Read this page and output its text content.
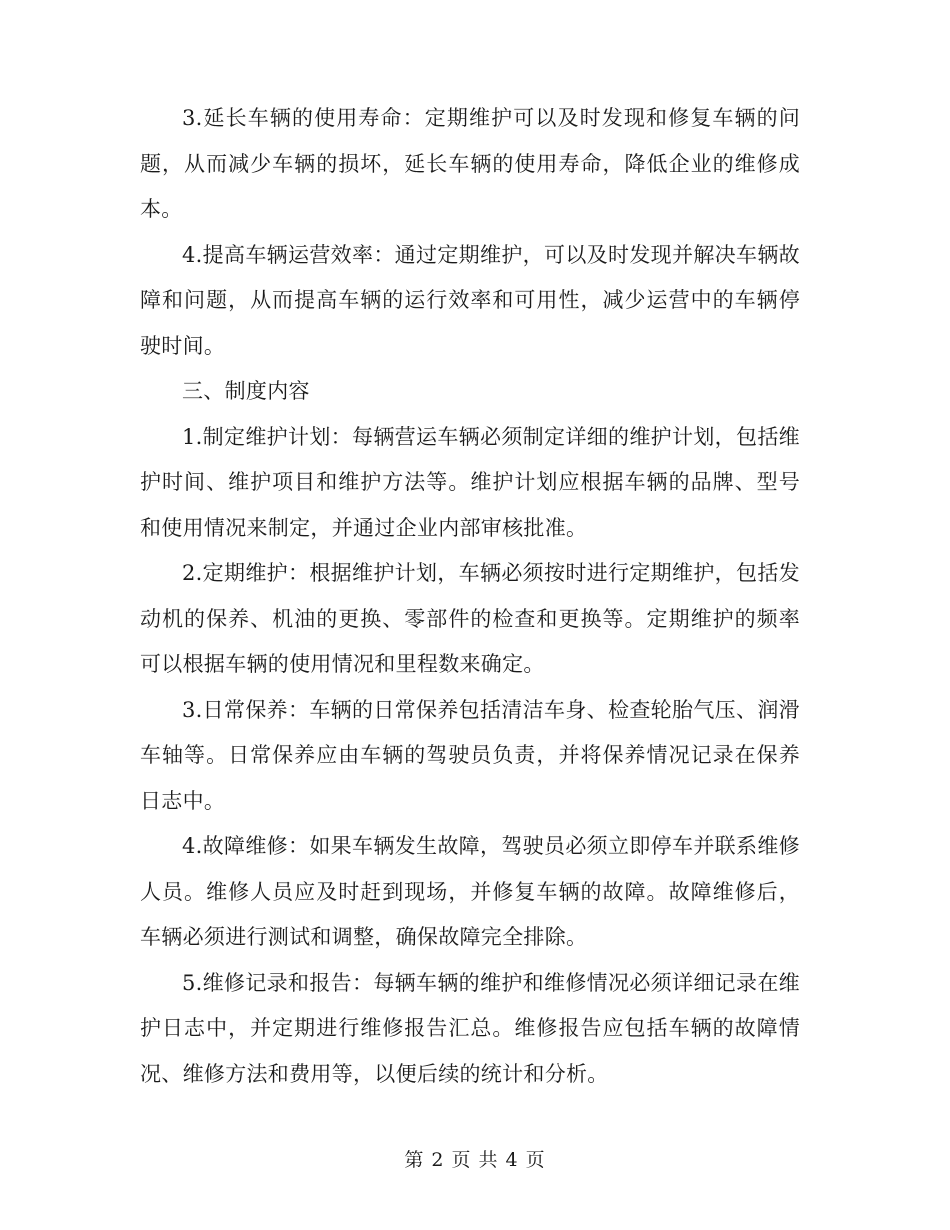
3.延长车辆的使用寿命：定期维护可以及时发现和修复车辆的问题，从而减少车辆的损坏，延长车辆的使用寿命，降低企业的维修成本。

4.提高车辆运营效率：通过定期维护，可以及时发现并解决车辆故障和问题，从而提高车辆的运行效率和可用性，减少运营中的车辆停驶时间。

三、制度内容

1.制定维护计划：每辆营运车辆必须制定详细的维护计划，包括维护时间、维护项目和维护方法等。维护计划应根据车辆的品牌、型号和使用情况来制定，并通过企业内部审核批准。

2.定期维护：根据维护计划，车辆必须按时进行定期维护，包括发动机的保养、机油的更换、零部件的检查和更换等。定期维护的频率可以根据车辆的使用情况和里程数来确定。

3.日常保养：车辆的日常保养包括清洁车身、检查轮胎气压、润滑车轴等。日常保养应由车辆的驾驶员负责，并将保养情况记录在保养日志中。

4.故障维修：如果车辆发生故障，驾驶员必须立即停车并联系维修人员。维修人员应及时赶到现场，并修复车辆的故障。故障维修后，车辆必须进行测试和调整，确保故障完全排除。

5.维修记录和报告：每辆车辆的维护和维修情况必须详细记录在维护日志中，并定期进行维修报告汇总。维修报告应包括车辆的故障情况、维修方法和费用等，以便后续的统计和分析。

第 2 页 共 4 页
